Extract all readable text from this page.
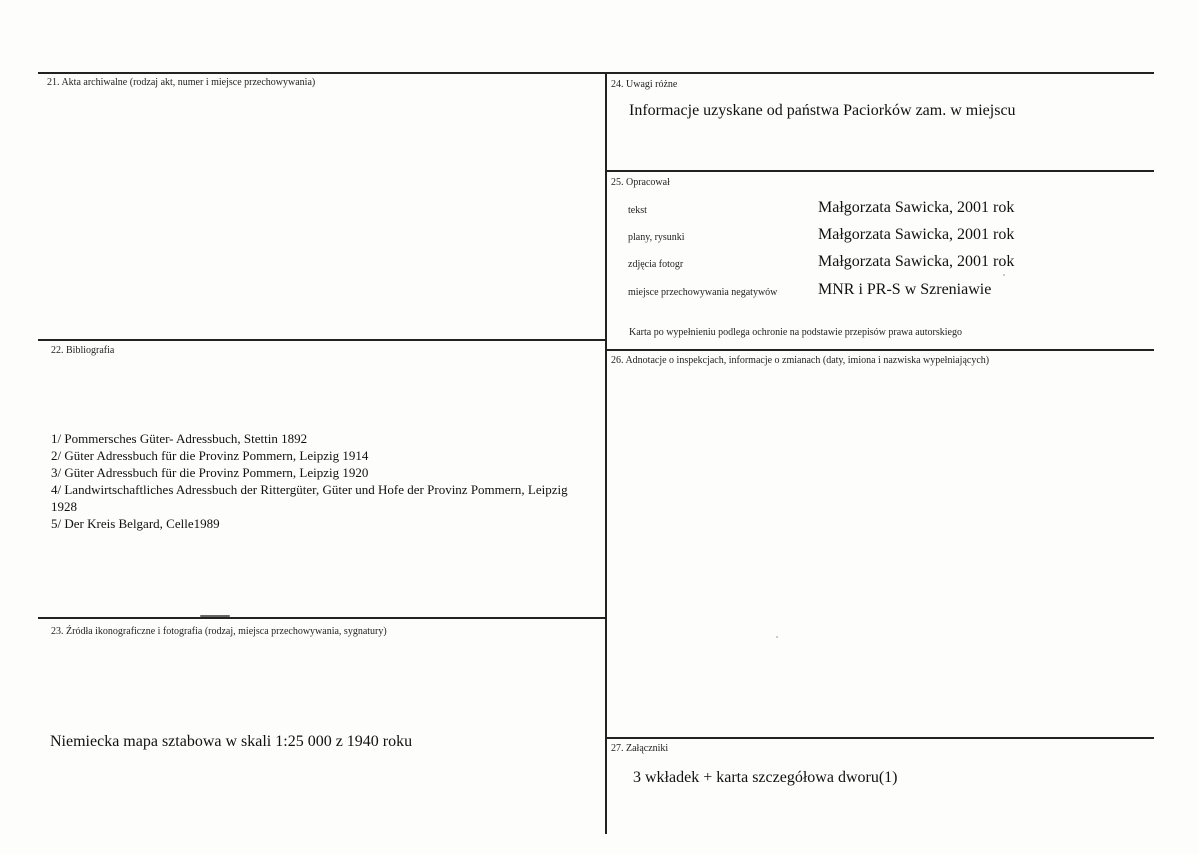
21. Akta archiwalne (rodzaj akt, numer i miejsce przechowywania)
22. Bibliografia
1/ Pommersches Güter- Adressbuch, Stettin 1892
2/ Güter Adressbuch für die Provinz Pommern, Leipzig 1914
3/ Güter Adressbuch für die Provinz Pommern, Leipzig 1920
4/ Landwirtschaftliches Adressbuch der Rittergüter, Güter und Hofe der Provinz Pommern, Leipzig 1928
5/ Der Kreis Belgard, Celle1989
23. Źródła ikonograficzne i fotografia (rodzaj, miejsca przechowywania, sygnatury)
Niemiecka mapa sztabowa w skali 1:25 000 z 1940 roku
24. Uwagi różne
Informacje uzyskane od państwa Paciorków zam. w miejscu
25. Opracował
tekst	Małgorzata Sawicka, 2001 rok
plany, rysunki	Małgorzata Sawicka, 2001 rok
zdjęcia fotogr	Małgorzata Sawicka, 2001 rok
miejsce przechowywania negatywów	MNR i PR-S w Szreniawie
Karta po wypełnieniu podlega ochronie na podstawie przepisów prawa autorskiego
26. Adnotacje o inspekcjach, informacje o zmianach (daty, imiona i nazwiska wypełniających)
27. Załączniki
3 wkładek + karta szczegółowa dworu(1)
